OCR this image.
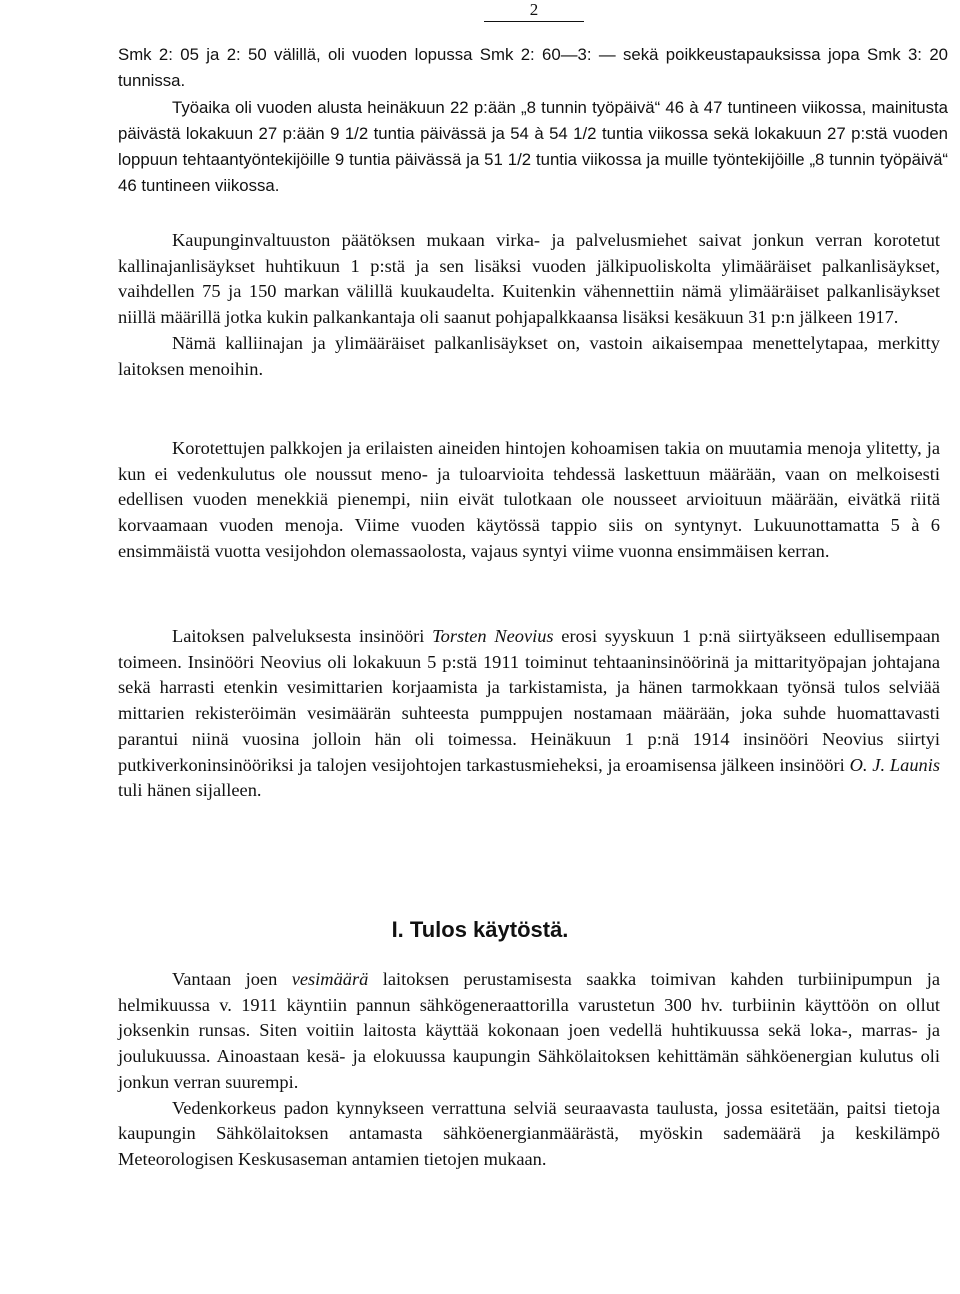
2

Smk 2: 05 ja 2: 50 välillä, oli vuoden lopussa Smk 2: 60—3: — sekä poikkeustapauksissa jopa Smk 3: 20 tunnissa.

Työaika oli vuoden alusta heinäkuun 22 p:ään „8 tunnin työpäivä“ 46 à 47 tuntineen viikossa, mainitusta päivästä lokakuun 27 p:ään 9 1/2 tuntia päivässä ja 54 à 54 1/2 tuntia viikossa sekä lokakuun 27 p:stä vuoden loppuun tehtaantyöntekijöille 9 tuntia päivässä ja 51 1/2 tuntia viikossa ja muille työntekijöille „8 tunnin työpäivä“ 46 tuntineen viikossa.

Kaupunginvaltuuston päätöksen mukaan virka- ja palvelusmiehet saivat jonkun verran korotetut kallinajanlisäykset huhtikuun 1 p:stä ja sen lisäksi vuoden jälkipuoliskolta ylimääräiset palkanlisäykset, vaihdellen 75 ja 150 markan välillä kuukaudelta. Kuitenkin vähennettiin nämä ylimääräiset palkanlisäykset niillä määrillä jotka kukin palkankantaja oli saanut pohjapalkkaansa lisäksi kesäkuun 31 p:n jälkeen 1917.

Nämä kalliinajan ja ylimääräiset palkanlisäykset on, vastoin aikaisempaa menettelytapaa, merkitty laitoksen menoihin.

Korotettujen palkkojen ja erilaisten aineiden hintojen kohoamisen takia on muutamia menoja ylitetty, ja kun ei vedenkulutus ole noussut meno- ja tuloarvioita tehdessä laskettuun määrään, vaan on melkoisesti edellisen vuoden menekkiä pienempi, niin eivät tulotkaan ole nousseet arvioituun määrään, eivätkä riitä korvaamaan vuoden menoja. Viime vuoden käytössä tappio siis on syntynyt. Lukuunottamatta 5 à 6 ensimmäistä vuotta vesijohdon olemassaolosta, vajaus syntyi viime vuonna ensimmäisen kerran.

Laitoksen palveluksesta insinööri Torsten Neovius erosi syyskuun 1 p:nä siirtyäkseen edullisempaan toimeen. Insinööri Neovius oli lokakuun 5 p:stä 1911 toiminut tehtaaninsinöörinä ja mittarityöpajan johtajana sekä harrasti etenkin vesimittarien korjaamista ja tarkistamista, ja hänen tarmokkaan työnsä tulos selviää mittarien rekisteröimän vesimäärän suhteesta pumppujen nostamaan määrään, joka suhde huomattavasti parantui niinä vuosina jolloin hän oli toimessa. Heinäkuun 1 p:nä 1914 insinööri Neovius siirtyi putkiverkoninsinööriksi ja talojen vesijohtojen tarkastusmieheksi, ja eroamisensa jälkeen insinööri O. J. Launis tuli hänen sijalleen.

I. Tulos käytöstä.

Vantaan joen vesimäärä laitoksen perustamisesta saakka toimivan kahden turbiinipumpun ja helmikuussa v. 1911 käyntiin pannun sähkögeneraattorilla varustetun 300 hv. turbiinin käyttöön on ollut joksenkin runsas. Siten voitiin laitosta käyttää kokonaan joen vedellä huhtikuussa sekä loka-, marras- ja joulukuussa. Ainoastaan kesä- ja elokuussa kaupungin Sähkölaitoksen kehittämän sähköenergian kulutus oli jonkun verran suurempi.

Vedenkorkeus padon kynnykseen verrattuna selviä seuraavasta taulusta, jossa esitetään, paitsi tietoja kaupungin Sähkölaitoksen antamasta sähköenergianmäärästä, myöskin sademäärä ja keskilämpö Meteorologisen Keskusaseman antamien tietojen mukaan.
